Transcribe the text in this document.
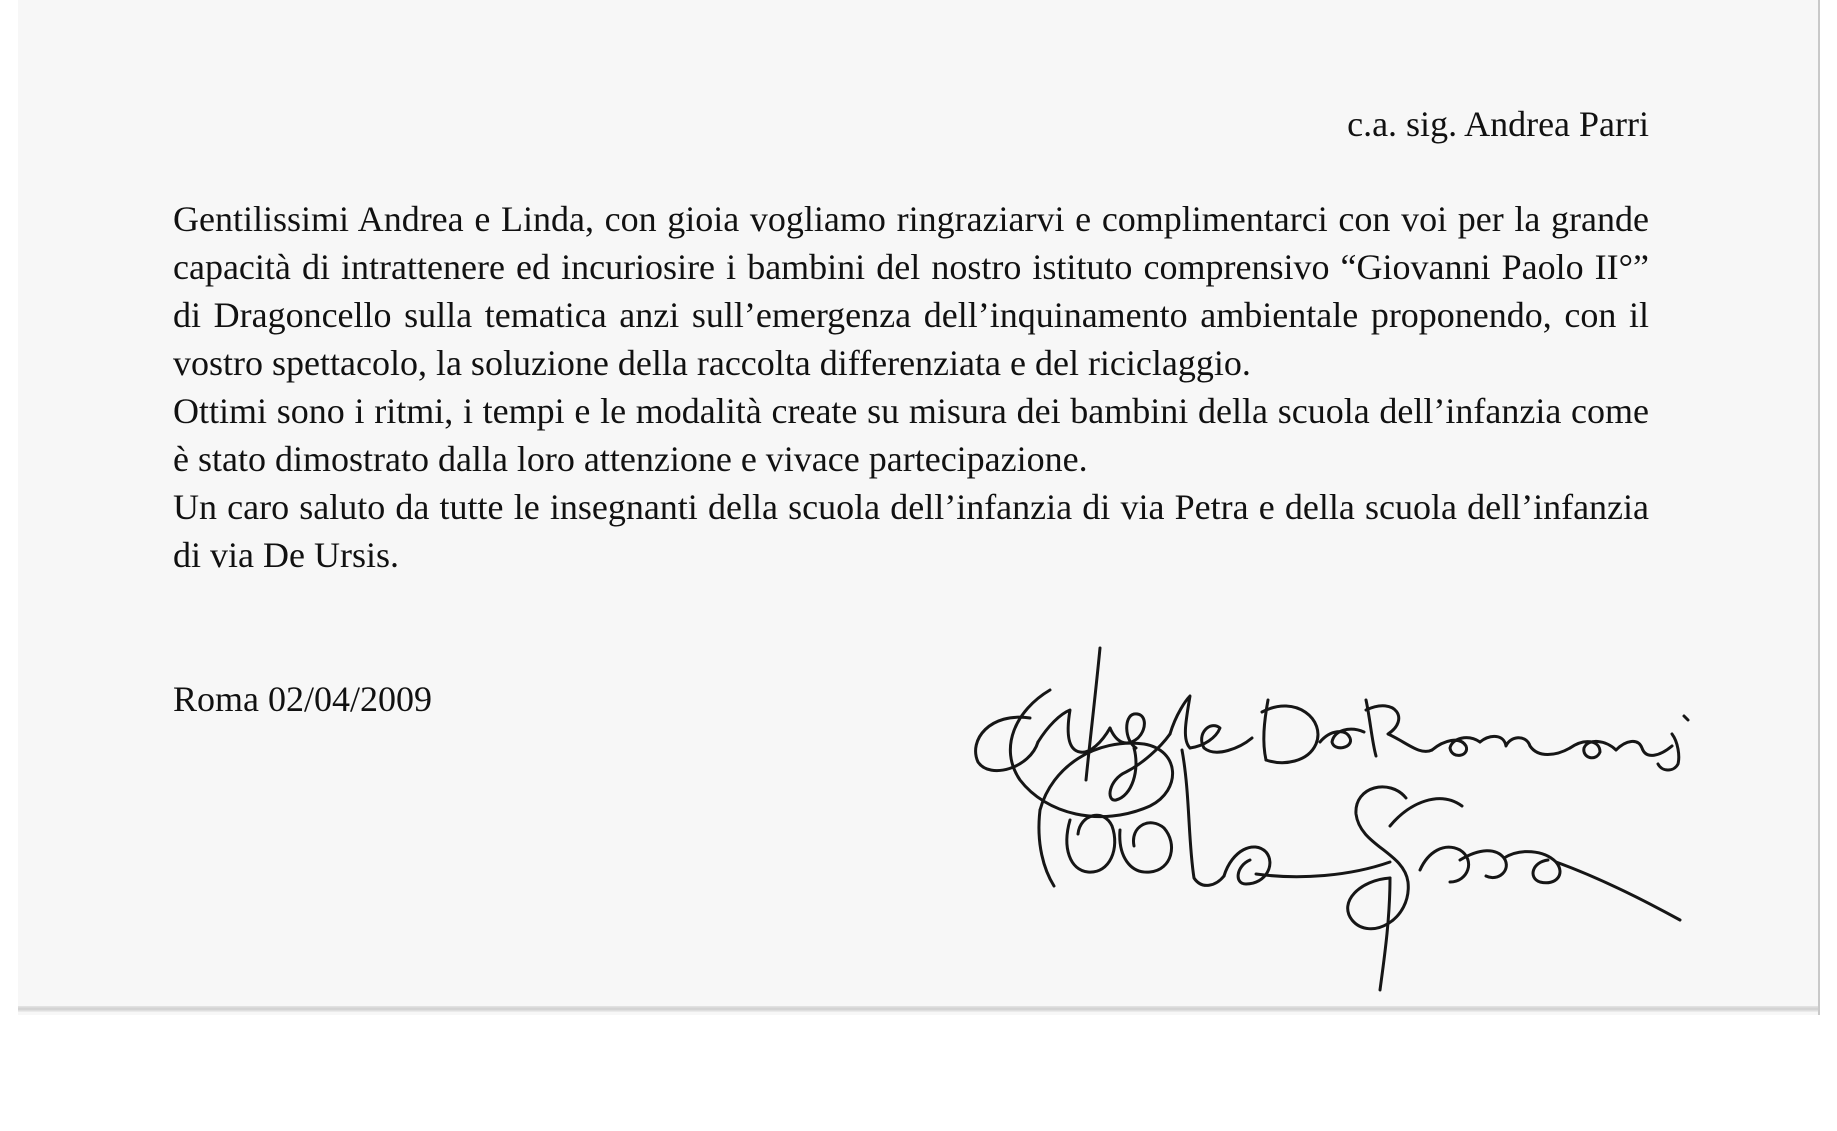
c.a. sig. Andrea Parri

Gentilissimi Andrea e Linda, con gioia vogliamo ringraziarvi e complimentarci con voi per la grande capacità di intrattenere ed incuriosire i bambini del nostro istituto comprensivo “Giovanni Paolo II°” di Dragoncello sulla tematica anzi sull’emergenza dell’inquinamento ambientale proponendo, con il vostro spettacolo, la soluzione della raccolta differenziata e del riciclaggio.

Ottimi sono i ritmi, i tempi e le modalità create su misura dei bambini della scuola dell’infanzia come è stato dimostrato dalla loro attenzione e vivace partecipazione.

Un caro saluto da tutte le insegnanti della scuola dell’infanzia di via Petra e della scuola dell’infanzia di via De Ursis.

Roma 02/04/2009
